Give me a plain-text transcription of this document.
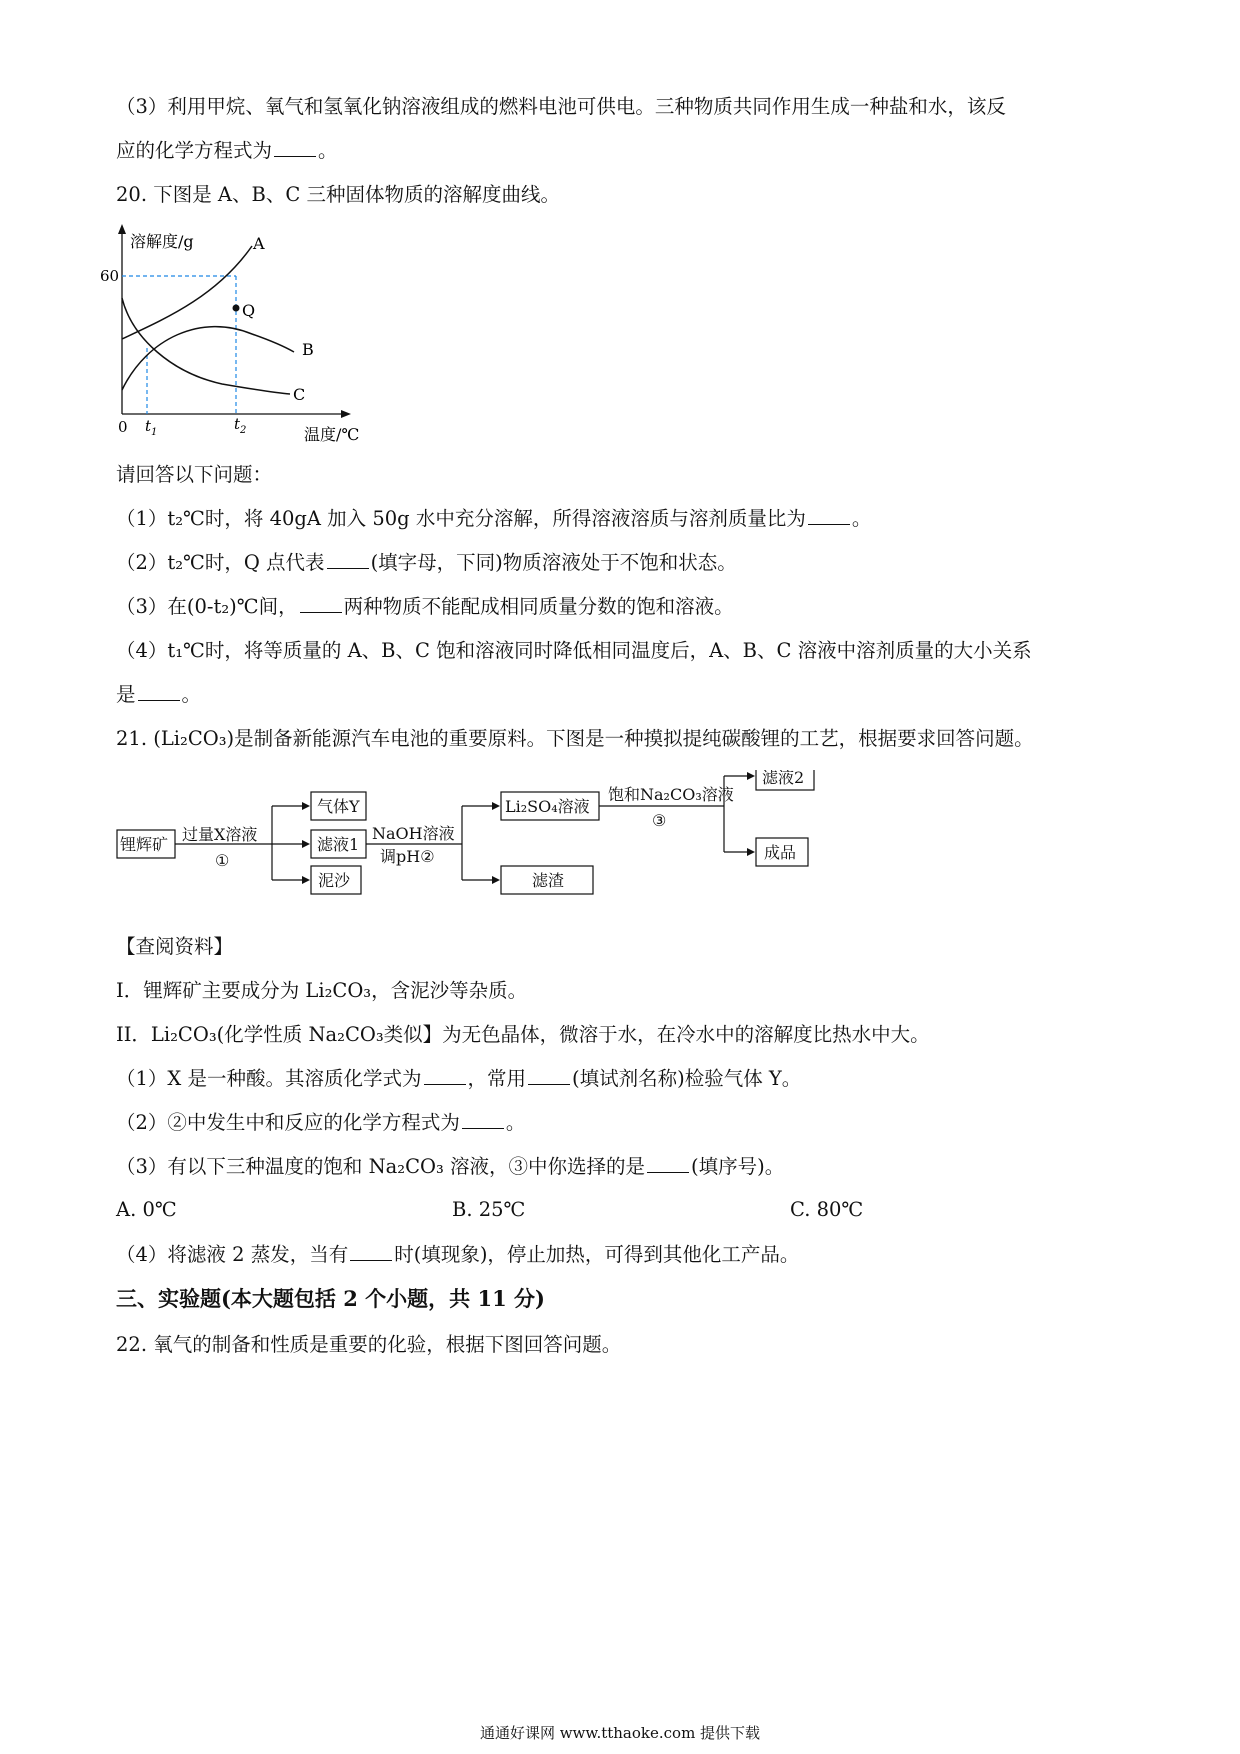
（3）利用甲烷、氧气和氢氧化钠溶液组成的燃料电池可供电。三种物质共同作用生成一种盐和水，该反
应的化学方程式为 。
20. 下图是 A、B、C 三种固体物质的溶解度曲线。
溶解度/g
温度/℃
0
60
$t_1$	$t_2$
A
B
C
Q
请回答以下问题：
（1）t₂℃时，将 40gA 加入 50g 水中充分溶解，所得溶液溶质与溶剂质量比为 。
（2）t₂℃时，Q 点代表 (填字母，下同)物质溶液处于不饱和状态。
（3）在(0-t₂)℃间， 两种物质不能配成相同质量分数的饱和溶液。
（4）t₁℃时，将等质量的 A、B、C 饱和溶液同时降低相同温度后，A、B、C 溶液中溶剂质量的大小关系
是 。
21. (Li₂CO₃)是制备新能源汽车电池的重要原料。下图是一种摸拟提纯碳酸锂的工艺，根据要求回答问题。
锂辉矿
过量X溶液
①
气体Y
滤液1
泥沙
NaOH溶液
调pH②
Li₂SO₄溶液
滤渣
饱和Na₂CO₃溶液
③
滤液2
成品
【查阅资料】
I．锂辉矿主要成分为 Li₂CO₃，含泥沙等杂质。
II．Li₂CO₃(化学性质 Na₂CO₃类似】为无色晶体，微溶于水，在冷水中的溶解度比热水中大。
（1）X 是一种酸。其溶质化学式为 ，常用 (填试剂名称)检验气体 Y。
（2）②中发生中和反应的化学方程式为 。
（3）有以下三种温度的饱和 Na₂CO₃ 溶液，③中你选择的是 (填序号)。
A. 0℃	B. 25℃	C. 80℃
（4）将滤液 2 蒸发，当有 时(填现象)，停止加热，可得到其他化工产品。
三、实验题(本大题包括 2 个小题，共 11 分)
22. 氧气的制备和性质是重要的化验，根据下图回答问题。
通通好课网 www.tthaoke.com 提供下载
